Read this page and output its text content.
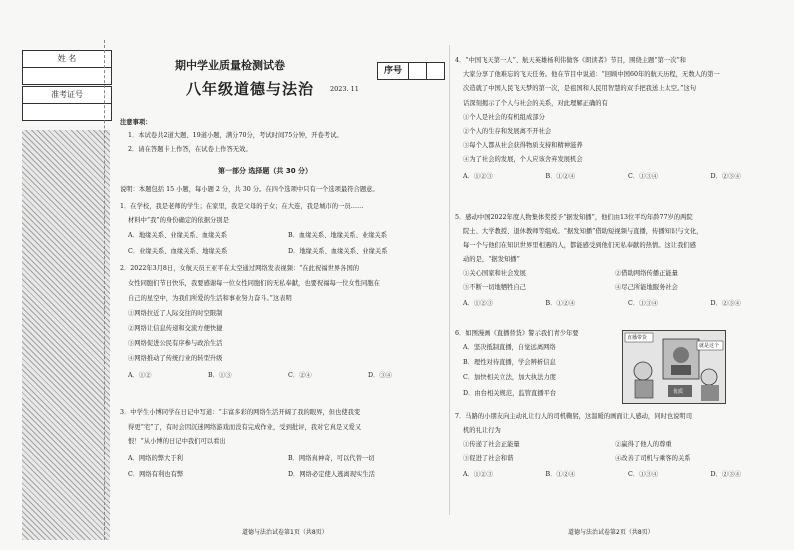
姓 名
准考证号
期中学业质量检测试卷
八年级道德与法治 2023. 11
序号
注意事项：
1．本试卷共2道大题、19道小题，满分70分，考试时间75分钟，开卷考试。
2．请在答题卡上作答，在试卷上作答无效。
第一部分 选择题（共 30 分）
说明：本题包括 15 小题，每小题 2 分，共 30 分。在四个选项中只有一个选项最符合题意。
1．在学校，我是老师的学生；在家里，我是父母的子女；在大连，我是城市的一员……
材料中“我”的身份确定的依据分别是
A．地缘关系、业缘关系、血缘关系	B．血缘关系、地缘关系、业缘关系
C．业缘关系、血缘关系、地缘关系	D．地缘关系、血缘关系、业缘关系
2．2022年3月8日，女航天员王亚平在太空通过网络发表视频：“在此祝福世界各国的
女性同胞们节日快乐，我要感谢每一位女性同胞们的无私奉献，也要祝福每一位女性同胞在
自己的星空中，为我们所爱的生活和事业努力奋斗。”这表明
①网络拉近了人际交往的时空限制
②网络让信息传递和交流方便快捷
③网络促进公民有序参与政治生活
④网络推动了传统行业的转型升级
A．①②	B．①③	C．②④	D．③④
3．中学生小博同学在日记中写道：“丰富多彩的网络生活开阔了我的眼界，但也使我变
得更“宅”了，有时会因沉迷网络游戏而没有完成作业，受到批评，我对它真是又爱又
恨！”从小博的日记中我们可以看出
A．网络的弊大于利	B．网络真神奇，可以代替一切
C．网络有利也有弊	D．网络必定使人逃离现实生活
4．“中国飞天第一人”、航天英雄杨利伟做客《朗读者》节目，围绕主题“第一次”和
大家分享了他难忘的飞天任务。他在节目中说道：“回顾中国60年的航天历程，无数人的第一
次造就了中国人民飞天梦的第一次，是祖国和人民用智慧的双手把我送上太空。”这句
话深刻揭示了个人与社会的关系，对此理解正确的有
①个人是社会的有机组成部分
②个人的生存和发展离不开社会
③每个人都从社会获得物质支持和精神滋养
④为了社会的发展，个人应该舍弃发展机会
A．①②③	B．①②④	C．①③④	D．②③④
5．感动中国2022年度人物集体奖授予“据发知播”，他们由13位平均年龄77岁的两院
院士、大学教授、退休教师等组成。“据发知播”借助短视频与直播，传播知识与文化，
每一个与他们在知识世界里相遇的人，都能感受到他们无私奉献的热情。这让我们感
动的是，“据发知播”
①关心国家和社会发展	②借助网络传播正能量
③不断一切地牺牲自己	④尽己所能地服务社会
A．①②③	B．①②④	C．①③④	D．②③④
6．如图漫画《直播替货》警示我们青少年要
A．坚决抵制直播，自觉远离网络
B．理性对待直播，学会辨析信息
C．加快相关立法，加大执法力度
D．由台相关规范，监管直播平台
7．马路的小朋友向主动礼让行人的司机鞠躬，这温暖的画面让人感动，同时也说明司
机的礼让行为
①传递了社会正能量	②赢得了他人的尊重
③促进了社会和谐	④改善了司机与乘客的关系
A．①②③	B．①②④	C．①③④	D．②③④
直播带货
就是这个
优质
道德与法治试卷第1页（共8页）	道德与法治试卷第2页（共8页）
